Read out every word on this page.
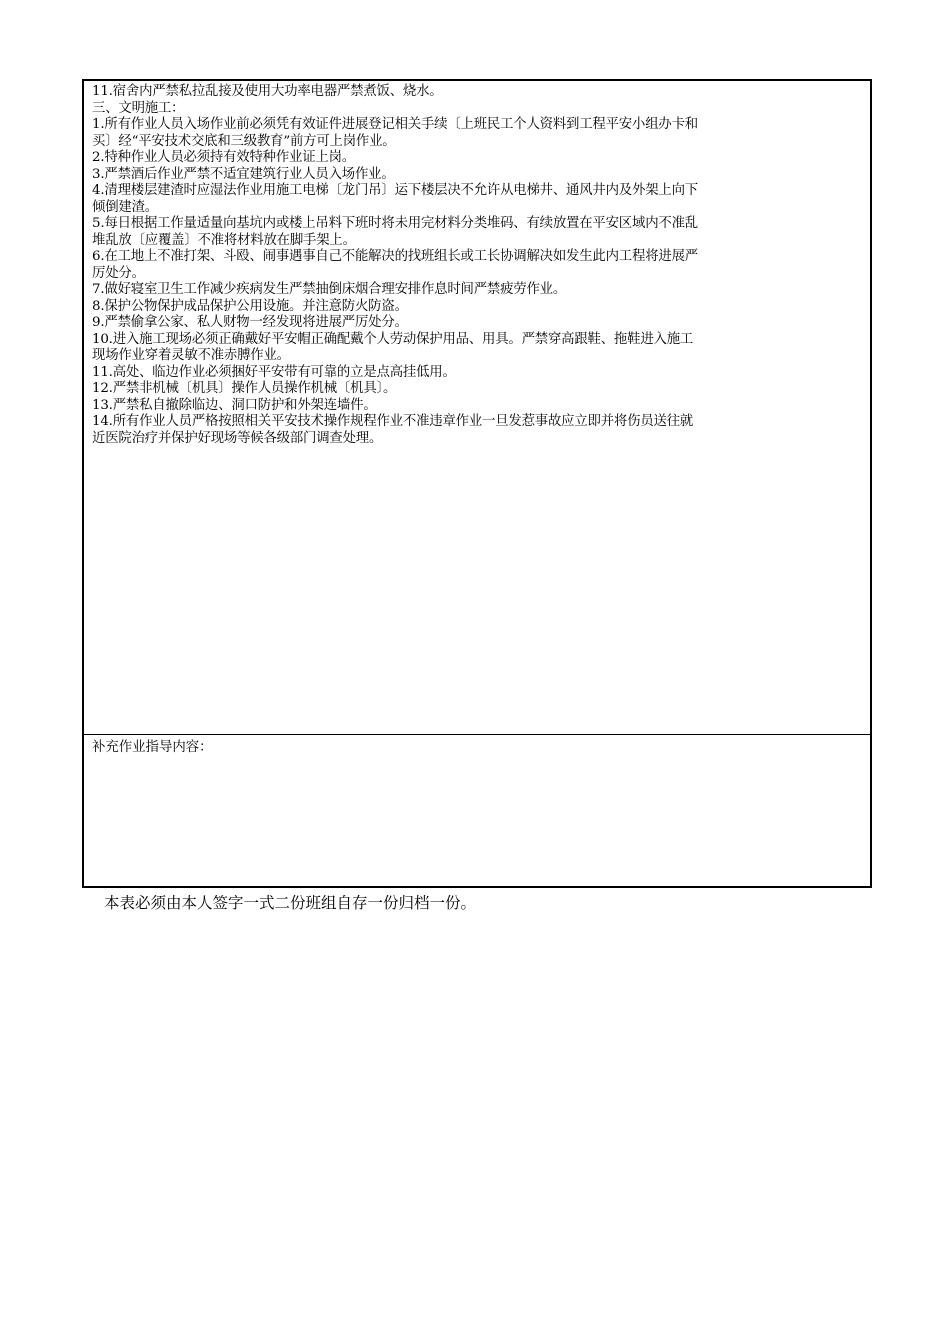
11.宿舍内严禁私拉乱接及使用大功率电器严禁煮饭、烧水。
三、文明施工：
1.所有作业人员入场作业前必须凭有效证件进展登记相关手续〔上班民工个人资料到工程平安小组办卡和
买〕经“平安技术交底和三级教育”前方可上岗作业。
2.特种作业人员必须持有效特种作业证上岗。
3.严禁酒后作业严禁不适宜建筑行业人员入场作业。
4.清理楼层建渣时应湿法作业用施工电梯〔龙门吊〕运下楼层决不允许从电梯井、通风井内及外架上向下
倾倒建渣。
5.每日根据工作量适量向基坑内或楼上吊料下班时将未用完材料分类堆码、有续放置在平安区域内不准乱
堆乱放〔应覆盖〕不准将材料放在脚手架上。
6.在工地上不准打架、斗殴、闹事遇事自己不能解决的找班组长或工长协调解决如发生此内工程将进展严
厉处分。
7.做好寝室卫生工作减少疾病发生严禁抽倒床烟合理安排作息时间严禁疲劳作业。
8.保护公物保护成品保护公用设施。并注意防火防盗。
9.严禁偷拿公家、私人财物一经发现将进展严厉处分。
10.进入施工现场必须正确戴好平安帽正确配戴个人劳动保护用品、用具。严禁穿高跟鞋、拖鞋进入施工
现场作业穿着灵敏不准赤膊作业。
11.高处、临边作业必须捆好平安带有可靠的立是点高挂低用。
12.严禁非机械〔机具〕操作人员操作机械〔机具〕。
13.严禁私自撤除临边、洞口防护和外架连墙件。
14.所有作业人员严格按照相关平安技术操作规程作业不准违章作业一旦发惹事故应立即并将伤员送往就
近医院治疗并保护好现场等候各级部门调查处理。
补充作业指导内容：
本表必须由本人签字一式二份班组自存一份归档一份。
